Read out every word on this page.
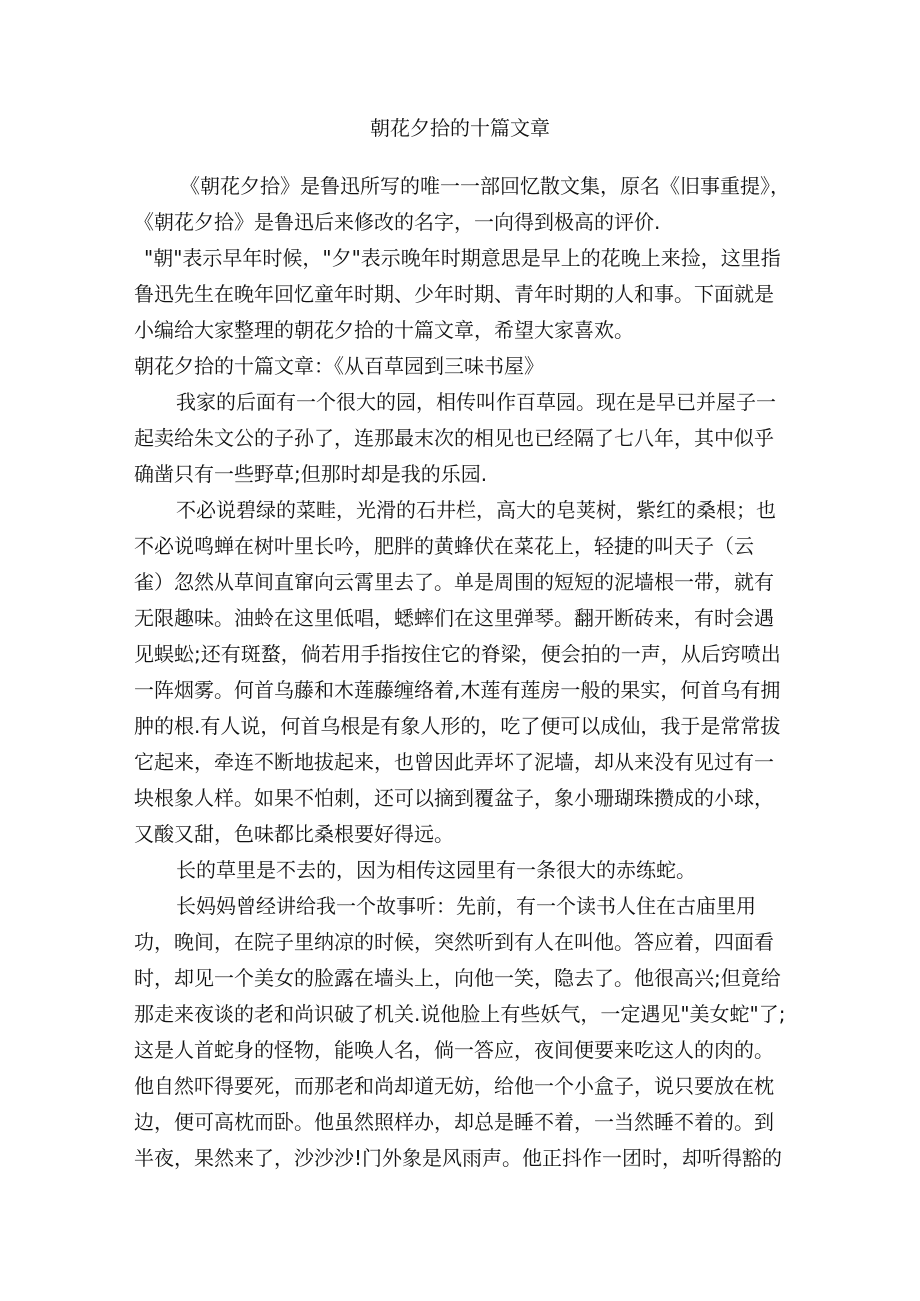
朝花夕拾的十篇文章
《朝花夕拾》是鲁迅所写的唯一一部回忆散文集，原名《旧事重提》，
《朝花夕拾》是鲁迅后来修改的名字，一向得到极高的评价.
"朝"表示早年时候，"夕"表示晚年时期意思是早上的花晚上来捡，这里指
鲁迅先生在晚年回忆童年时期、少年时期、青年时期的人和事。下面就是
小编给大家整理的朝花夕拾的十篇文章，希望大家喜欢。
朝花夕拾的十篇文章：《从百草园到三味书屋》
我家的后面有一个很大的园，相传叫作百草园。现在是早已并屋子一
起卖给朱文公的子孙了，连那最末次的相见也已经隔了七八年，其中似乎
确凿只有一些野草;但那时却是我的乐园.
不必说碧绿的菜畦，光滑的石井栏，高大的皂荚树，紫红的桑根；也
不必说鸣蝉在树叶里长吟，肥胖的黄蜂伏在菜花上，轻捷的叫天子（云
雀）忽然从草间直窜向云霄里去了。单是周围的短短的泥墙根一带，就有
无限趣味。油蛉在这里低唱，蟋蟀们在这里弹琴。翻开断砖来，有时会遇
见蜈蚣;还有斑蝥，倘若用手指按住它的脊梁，便会拍的一声，从后窍喷出
一阵烟雾。何首乌藤和木莲藤缠络着,木莲有莲房一般的果实，何首乌有拥
肿的根.有人说，何首乌根是有象人形的，吃了便可以成仙，我于是常常拔
它起来，牵连不断地拔起来，也曾因此弄坏了泥墙，却从来没有见过有一
块根象人样。如果不怕刺，还可以摘到覆盆子，象小珊瑚珠攒成的小球，
又酸又甜，色味都比桑根要好得远。
长的草里是不去的，因为相传这园里有一条很大的赤练蛇。
长妈妈曾经讲给我一个故事听：先前，有一个读书人住在古庙里用
功，晚间，在院子里纳凉的时候，突然听到有人在叫他。答应着，四面看
时，却见一个美女的脸露在墙头上，向他一笑，隐去了。他很高兴;但竟给
那走来夜谈的老和尚识破了机关.说他脸上有些妖气，一定遇见"美女蛇"了;
这是人首蛇身的怪物，能唤人名，倘一答应，夜间便要来吃这人的肉的。
他自然吓得要死，而那老和尚却道无妨，给他一个小盒子，说只要放在枕
边，便可高枕而卧。他虽然照样办，却总是睡不着，一当然睡不着的。到
半夜，果然来了，沙沙沙!门外象是风雨声。他正抖作一团时，却听得豁的
